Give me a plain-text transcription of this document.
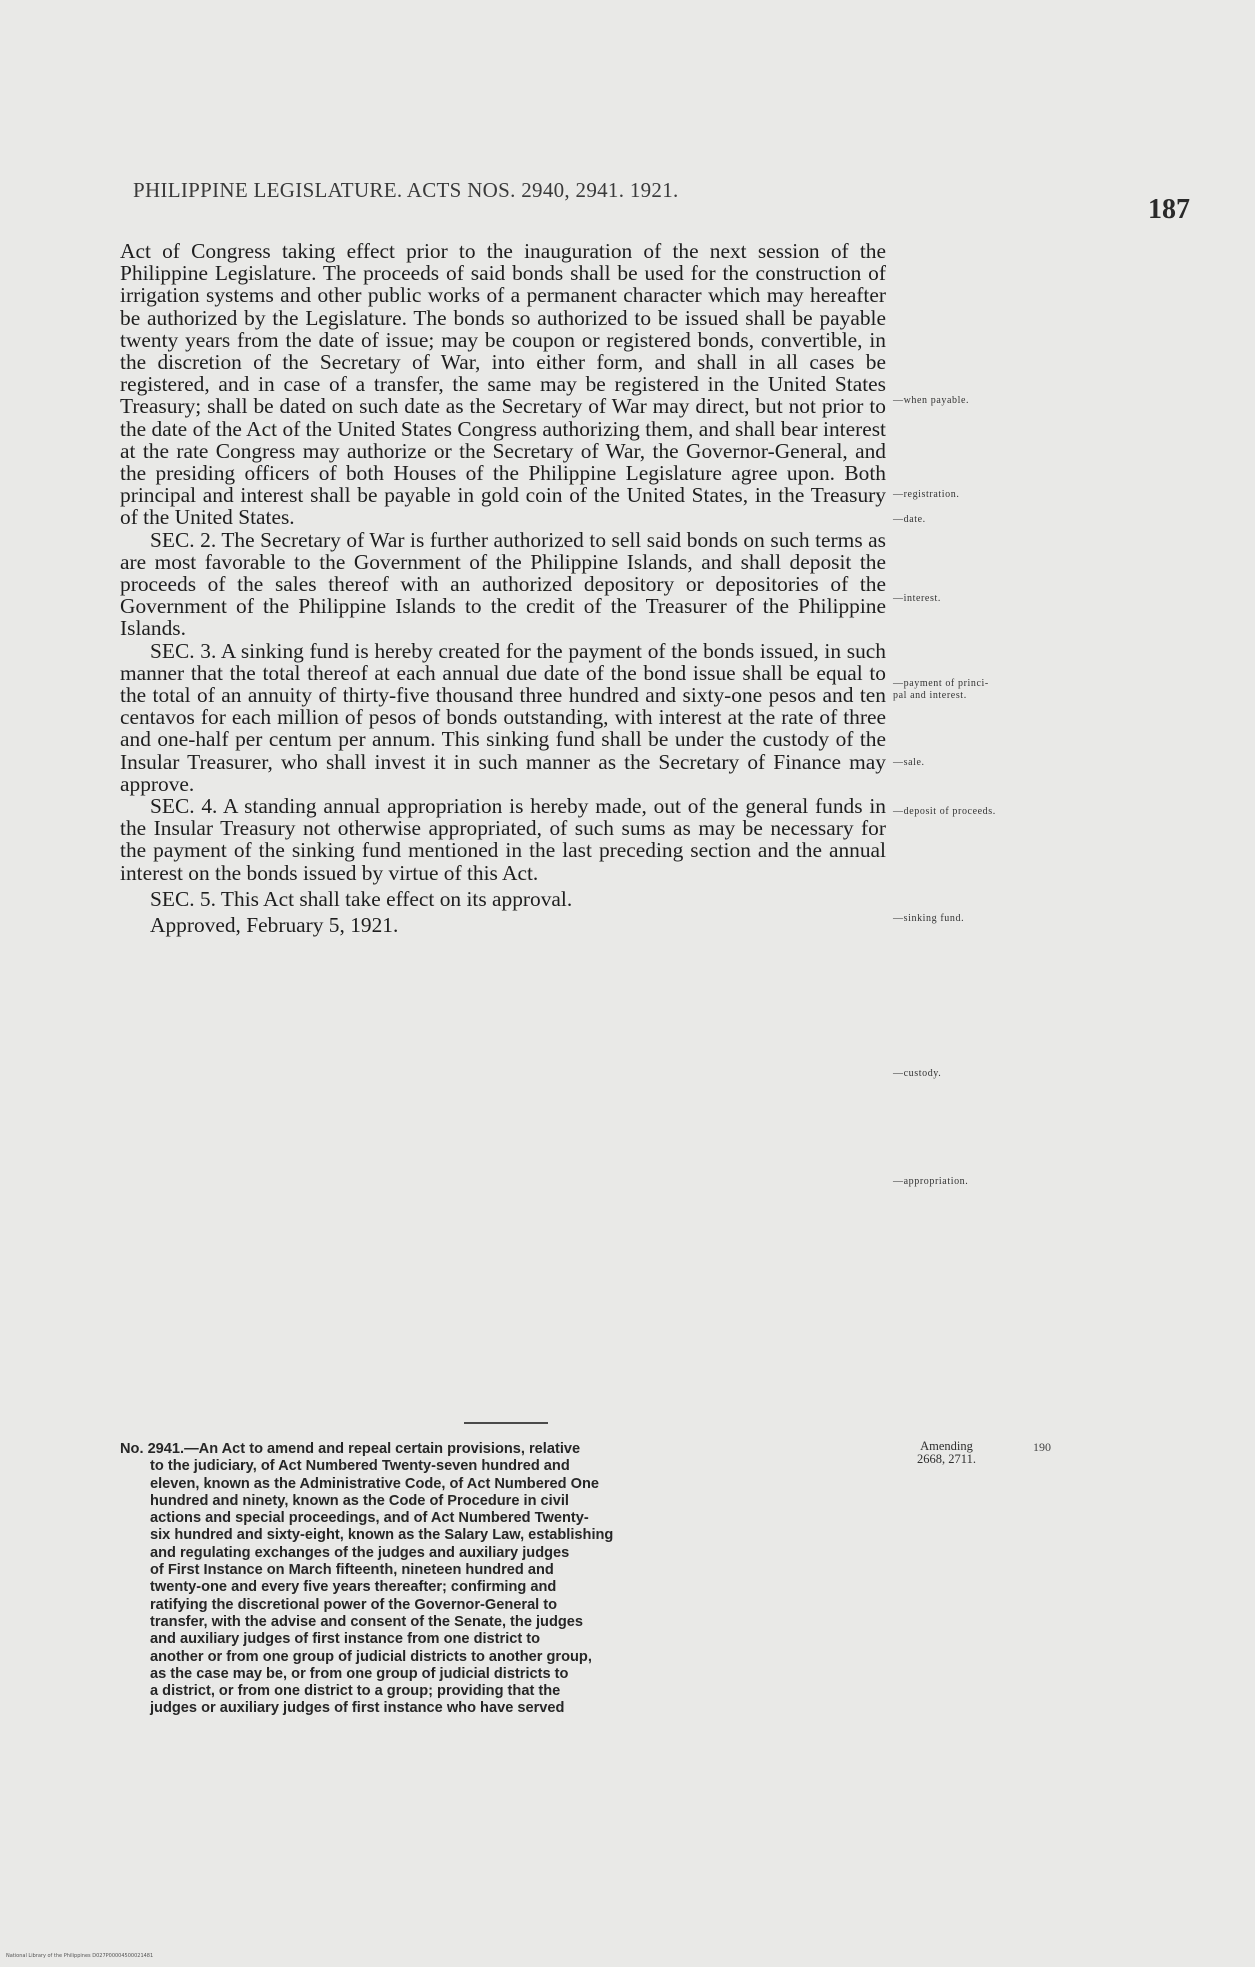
PHILIPPINE LEGISLATURE. ACTS NOS. 2940, 2941. 1921.
187

Act of Congress taking effect prior to the inauguration of the next session of the Philippine Legislature. The proceeds of said bonds shall be used for the construction of irrigation systems and other public works of a permanent character which may hereafter be authorized by the Legislature. The bonds so authorized to be issued shall be payable twenty years from the date of issue; may be coupon or registered bonds, convertible, in the discretion of the Secretary of War, into either form, and shall in all cases be registered, and in case of a transfer, the same may be registered in the United States Treasury; shall be dated on such date as the Secretary of War may direct, but not prior to the date of the Act of the United States Congress authorizing them, and shall bear interest at the rate Congress may authorize or the Secretary of War, the Governor-General, and the presiding officers of both Houses of the Philippine Legislature agree upon. Both principal and interest shall be payable in gold coin of the United States, in the Treasury of the United States.

SEC. 2. The Secretary of War is further authorized to sell said bonds on such terms as are most favorable to the Government of the Philippine Islands, and shall deposit the proceeds of the sales thereof with an authorized depository or depositories of the Government of the Philippine Islands to the credit of the Treasurer of the Philippine Islands.

SEC. 3. A sinking fund is hereby created for the payment of the bonds issued, in such manner that the total thereof at each annual due date of the bond issue shall be equal to the total of an annuity of thirty-five thousand three hundred and sixty-one pesos and ten centavos for each million of pesos of bonds outstanding, with interest at the rate of three and one-half per centum per annum. This sinking fund shall be under the custody of the Insular Treasurer, who shall invest it in such manner as the Secretary of Finance may approve.

SEC. 4. A standing annual appropriation is hereby made, out of the general funds in the Insular Treasury not otherwise appropriated, of such sums as may be necessary for the payment of the sinking fund mentioned in the last preceding section and the annual interest on the bonds issued by virtue of this Act.

SEC. 5. This Act shall take effect on its approval.

Approved, February 5, 1921.

—when payable.
—registration.
—date.
—interest.
—payment of princi-
pal and interest.
—sale.
—deposit of proceeds.
—sinking fund.
—custody.
—appropriation.
No. 2941.—An Act to amend and repeal certain provisions, relative
to the judiciary, of Act Numbered Twenty-seven hundred and
eleven, known as the Administrative Code, of Act Numbered One
hundred and ninety, known as the Code of Procedure in civil
actions and special proceedings, and of Act Numbered Twenty-
six hundred and sixty-eight, known as the Salary Law, establishing
and regulating exchanges of the judges and auxiliary judges
of First Instance on March fifteenth, nineteen hundred and
twenty-one and every five years thereafter; confirming and
ratifying the discretional power of the Governor-General to
transfer, with the advise and consent of the Senate, the judges
and auxiliary judges of first instance from one district to
another or from one group of judicial districts to another group,
as the case may be, or from one group of judicial districts to
a district, or from one district to a group; providing that the
judges or auxiliary judges of first instance who have served
Amending
2668, 2711.
190
National Library of the Philippines D027P00004500021481
